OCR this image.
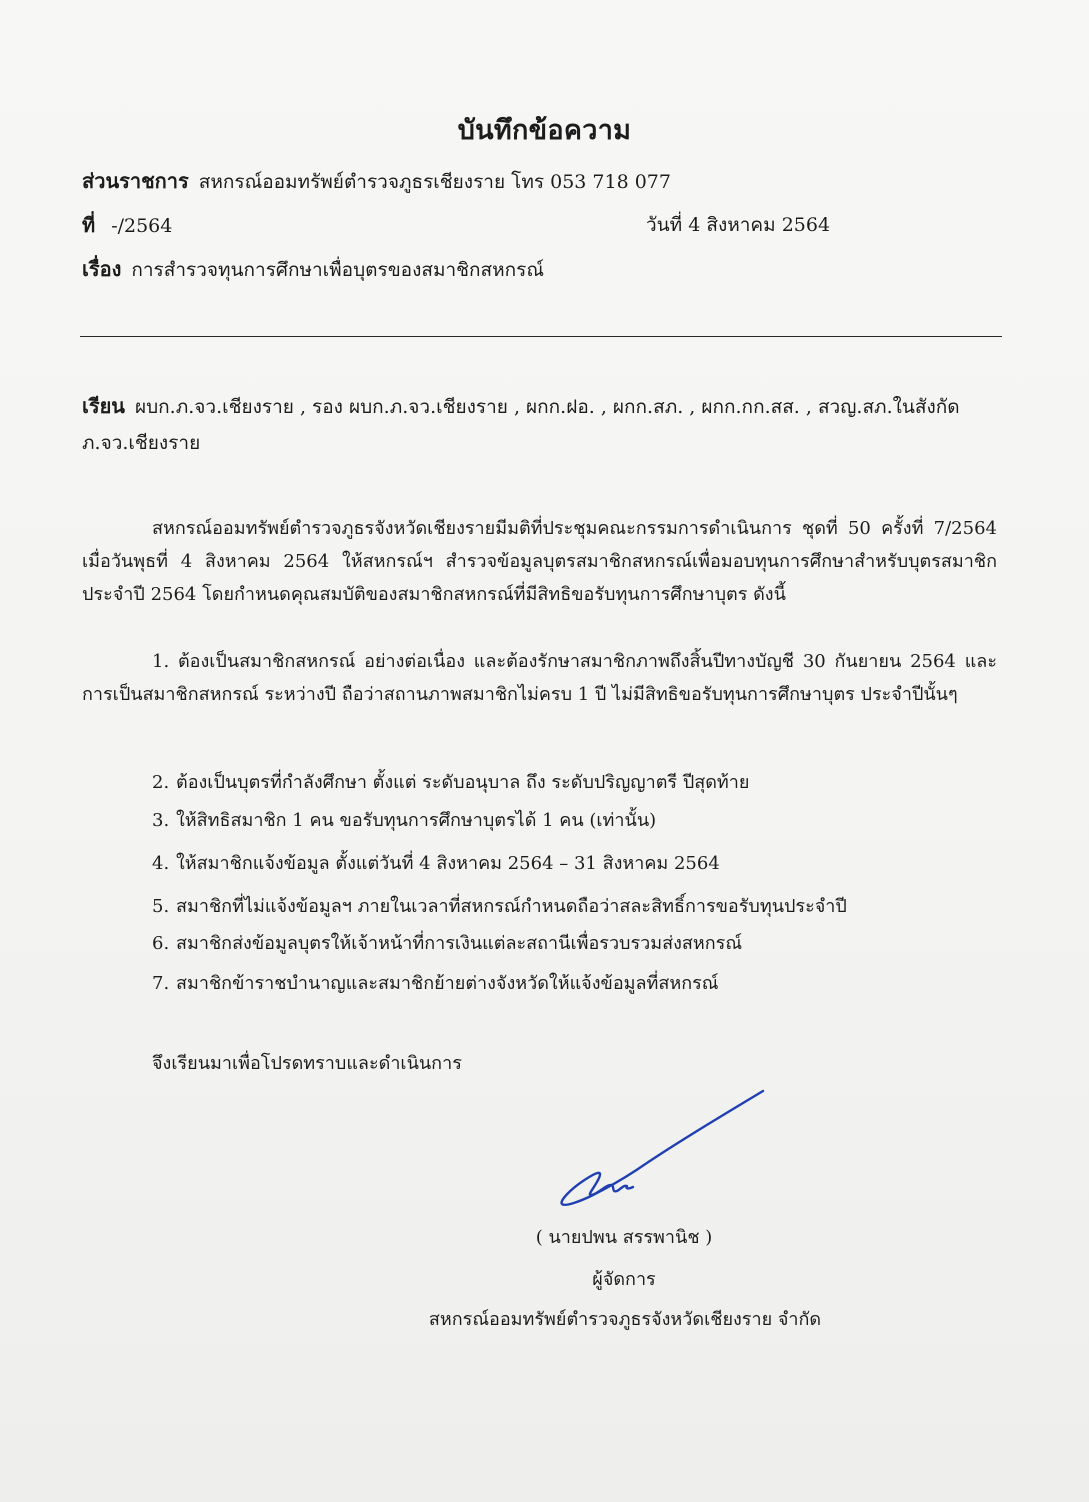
บันทึกข้อความ
ส่วนราชการ สหกรณ์ออมทรัพย์ตำรวจภูธรเชียงราย โทร 053 718 077
ที่ -/2564	วันที่ 4 สิงหาคม 2564
เรื่อง การสำรวจทุนการศึกษาเพื่อบุตรของสมาชิกสหกรณ์
เรียน ผบก.ภ.จว.เชียงราย , รอง ผบก.ภ.จว.เชียงราย , ผกก.ฝอ. , ผกก.สภ. , ผกก.กก.สส. , สวญ.สภ.ในสังกัด
ภ.จว.เชียงราย
สหกรณ์ออมทรัพย์ตำรวจภูธรจังหวัดเชียงรายมีมติที่ประชุมคณะกรรมการดำเนินการ ชุดที่ 50 ครั้งที่ 7/2564 เมื่อวันพุธที่ 4 สิงหาคม 2564 ให้สหกรณ์ฯ สำรวจข้อมูลบุตรสมาชิกสหกรณ์เพื่อมอบทุนการศึกษาสำหรับบุตรสมาชิก ประจำปี 2564 โดยกำหนดคุณสมบัติของสมาชิกสหกรณ์ที่มีสิทธิขอรับทุนการศึกษาบุตร ดังนี้
1. ต้องเป็นสมาชิกสหกรณ์ อย่างต่อเนื่อง และต้องรักษาสมาชิกภาพถึงสิ้นปีทางบัญชี 30 กันยายน 2564 และการเป็นสมาชิกสหกรณ์ ระหว่างปี ถือว่าสถานภาพสมาชิกไม่ครบ 1 ปี ไม่มีสิทธิขอรับทุนการศึกษาบุตร ประจำปีนั้นๆ
2. ต้องเป็นบุตรที่กำลังศึกษา ตั้งแต่ ระดับอนุบาล ถึง ระดับปริญญาตรี ปีสุดท้าย
3. ให้สิทธิสมาชิก 1 คน ขอรับทุนการศึกษาบุตรได้ 1 คน (เท่านั้น)
4. ให้สมาชิกแจ้งข้อมูล ตั้งแต่วันที่ 4 สิงหาคม 2564 – 31 สิงหาคม 2564
5. สมาชิกที่ไม่แจ้งข้อมูลฯ ภายในเวลาที่สหกรณ์กำหนดถือว่าสละสิทธิ์การขอรับทุนประจำปี
6. สมาชิกส่งข้อมูลบุตรให้เจ้าหน้าที่การเงินแต่ละสถานีเพื่อรวบรวมส่งสหกรณ์
7. สมาชิกข้าราชบำนาญและสมาชิกย้ายต่างจังหวัดให้แจ้งข้อมูลที่สหกรณ์
จึงเรียนมาเพื่อโปรดทราบและดำเนินการ
( นายปพน สรรพานิช )
ผู้จัดการ
สหกรณ์ออมทรัพย์ตำรวจภูธรจังหวัดเชียงราย จำกัด
